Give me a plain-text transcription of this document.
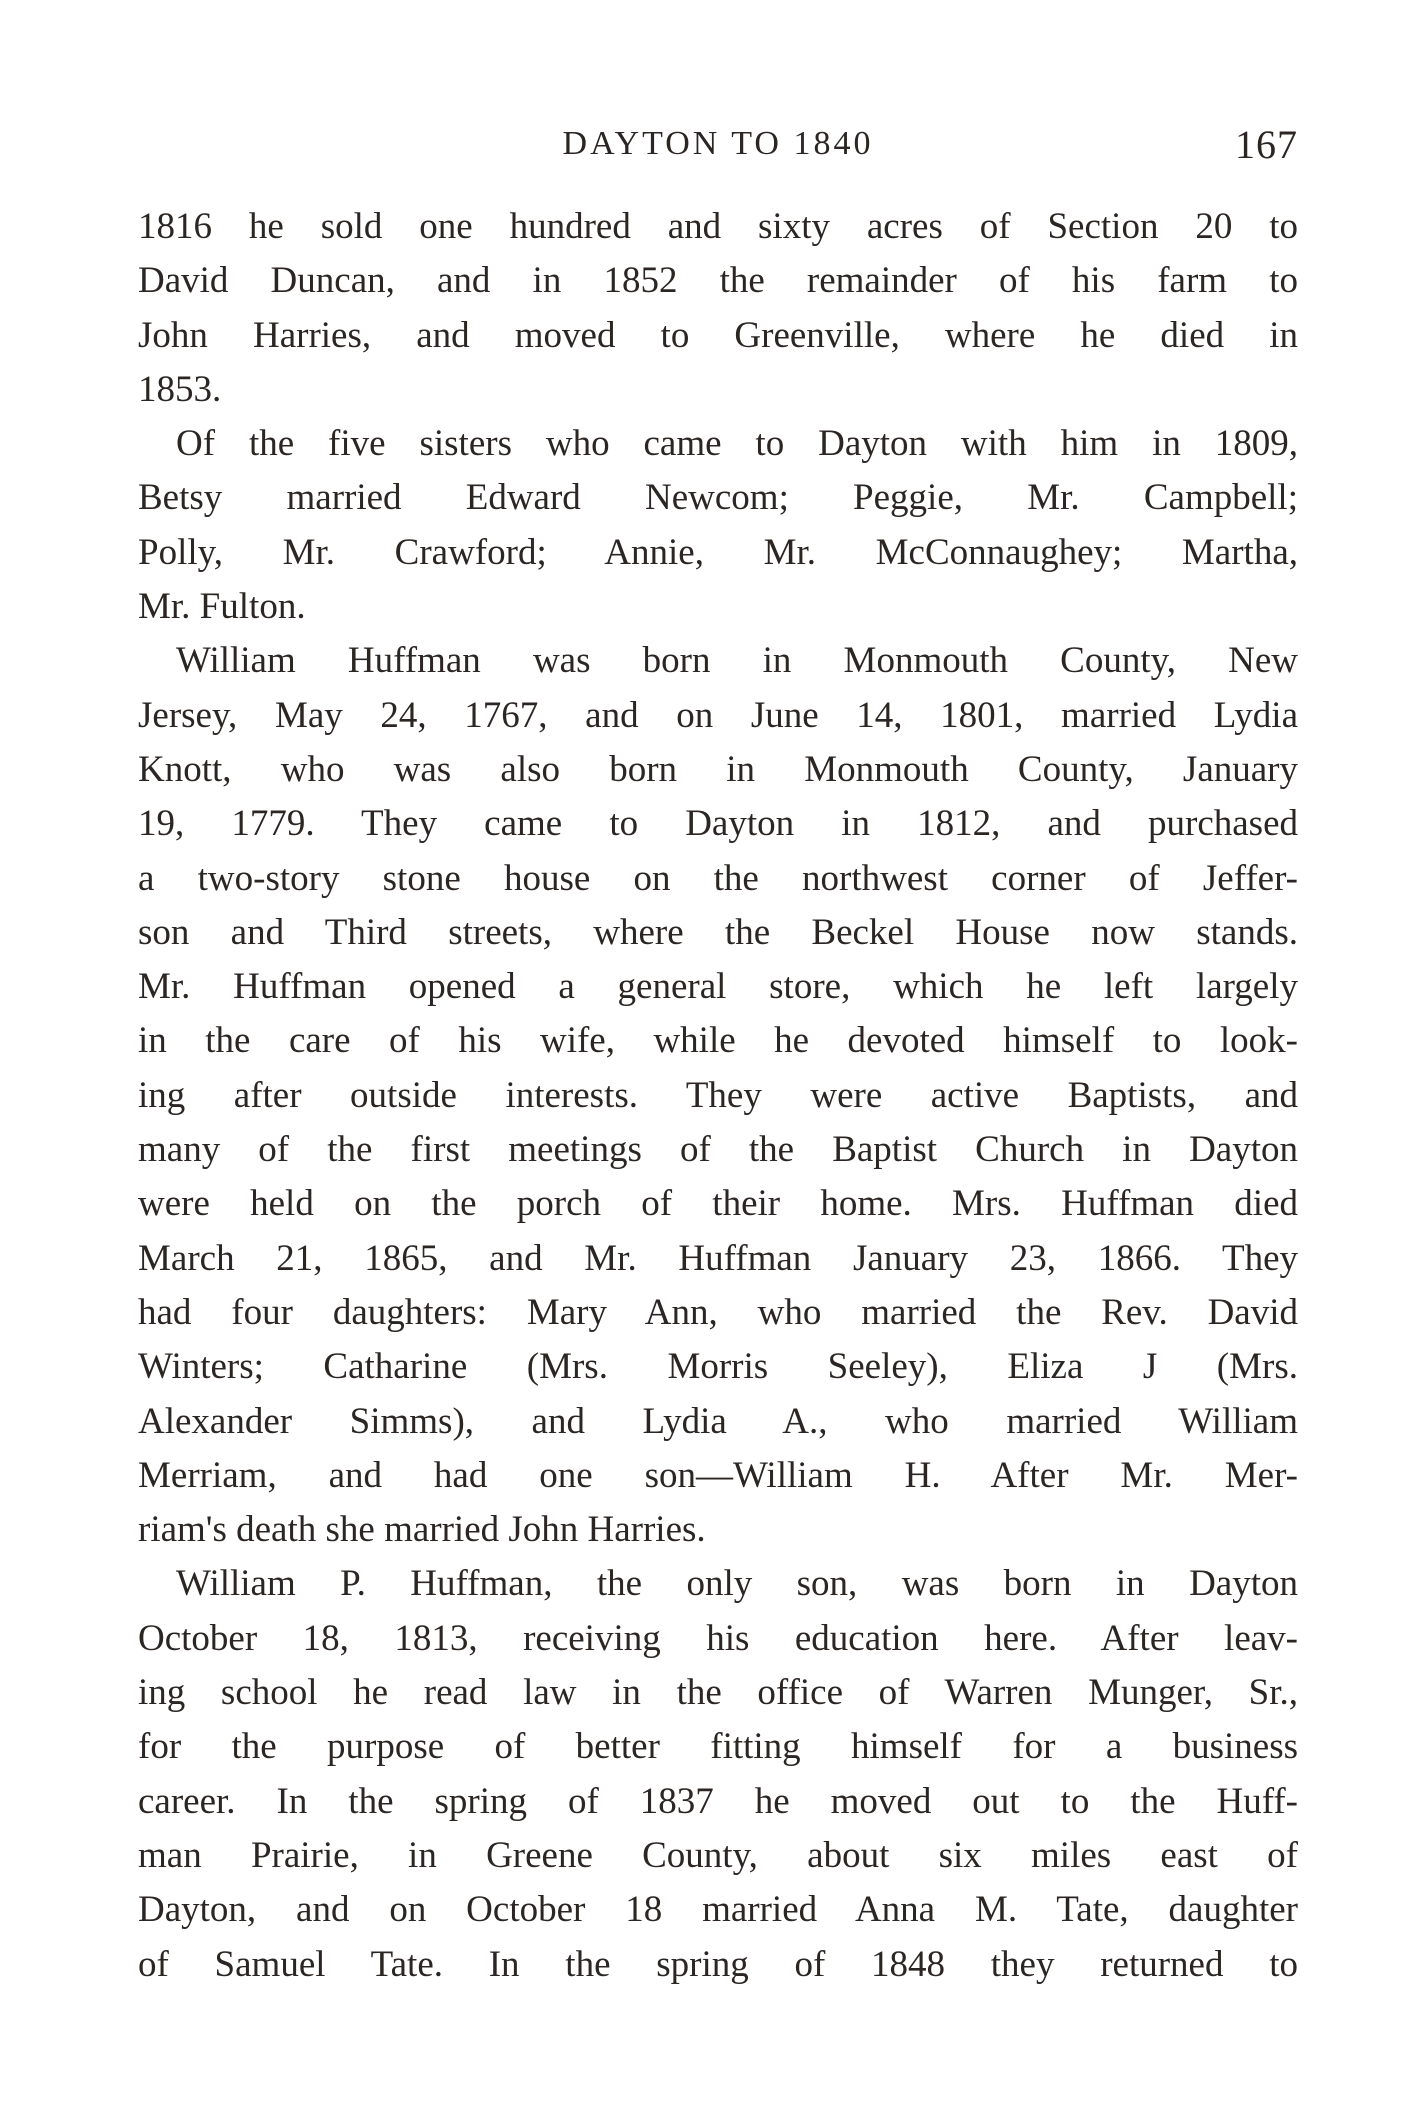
DAYTON TO 1840	167
1816 he sold one hundred and sixty acres of Section 20 to
David Duncan, and in 1852 the remainder of his farm to
John Harries, and moved to Greenville, where he died in
1853.
Of the five sisters who came to Dayton with him in 1809,
Betsy married Edward Newcom; Peggie, Mr. Campbell;
Polly, Mr. Crawford; Annie, Mr. McConnaughey; Martha,
Mr. Fulton.
William Huffman was born in Monmouth County, New
Jersey, May 24, 1767, and on June 14, 1801, married Lydia
Knott, who was also born in Monmouth County, January
19, 1779. They came to Dayton in 1812, and purchased
a two-story stone house on the northwest corner of Jeffer-
son and Third streets, where the Beckel House now stands.
Mr. Huffman opened a general store, which he left largely
in the care of his wife, while he devoted himself to look-
ing after outside interests. They were active Baptists, and
many of the first meetings of the Baptist Church in Dayton
were held on the porch of their home. Mrs. Huffman died
March 21, 1865, and Mr. Huffman January 23, 1866. They
had four daughters: Mary Ann, who married the Rev. David
Winters; Catharine (Mrs. Morris Seeley), Eliza J (Mrs.
Alexander Simms), and Lydia A., who married William
Merriam, and had one son—William H. After Mr. Mer-
riam's death she married John Harries.
William P. Huffman, the only son, was born in Dayton
October 18, 1813, receiving his education here. After leav-
ing school he read law in the office of Warren Munger, Sr.,
for the purpose of better fitting himself for a business
career. In the spring of 1837 he moved out to the Huff-
man Prairie, in Greene County, about six miles east of
Dayton, and on October 18 married Anna M. Tate, daughter
of Samuel Tate. In the spring of 1848 they returned to
